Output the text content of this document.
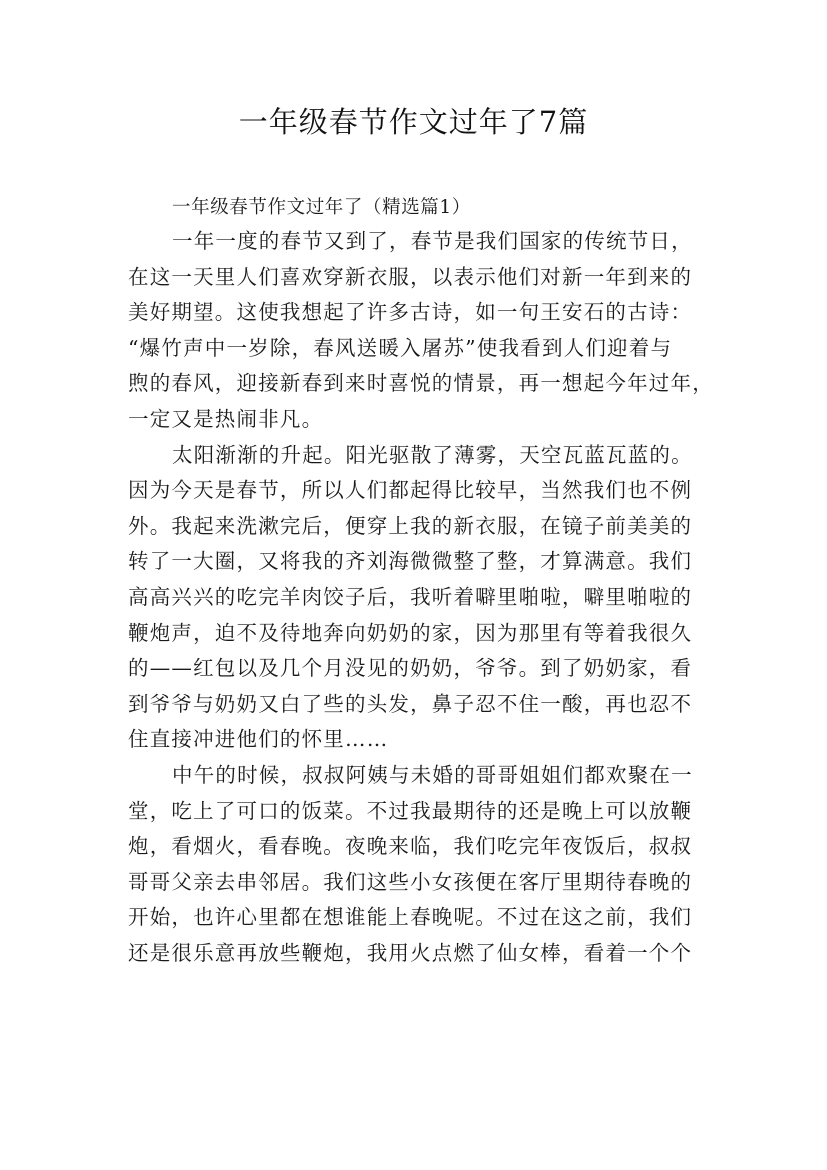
一年级春节作文过年了7篇

一年级春节作文过年了（精选篇1）

一年一度的春节又到了，春节是我们国家的传统节日，
在这一天里人们喜欢穿新衣服，以表示他们对新一年到来的
美好期望。这使我想起了许多古诗，如一句王安石的古诗：
“爆竹声中一岁除，春风送暖入屠苏”使我看到人们迎着与
煦的春风，迎接新春到来时喜悦的情景，再一想起今年过年，
一定又是热闹非凡。

太阳渐渐的升起。阳光驱散了薄雾，天空瓦蓝瓦蓝的。
因为今天是春节，所以人们都起得比较早，当然我们也不例
外。我起来洗漱完后，便穿上我的新衣服，在镜子前美美的
转了一大圈，又将我的齐刘海微微整了整，才算满意。我们
高高兴兴的吃完羊肉饺子后，我听着噼里啪啦，噼里啪啦的
鞭炮声，迫不及待地奔向奶奶的家，因为那里有等着我很久
的——红包以及几个月没见的奶奶，爷爷。到了奶奶家，看
到爷爷与奶奶又白了些的头发，鼻子忍不住一酸，再也忍不
住直接冲进他们的怀里……

中午的时候，叔叔阿姨与未婚的哥哥姐姐们都欢聚在一
堂，吃上了可口的饭菜。不过我最期待的还是晚上可以放鞭
炮，看烟火，看春晚。夜晚来临，我们吃完年夜饭后，叔叔
哥哥父亲去串邻居。我们这些小女孩便在客厅里期待春晚的
开始，也许心里都在想谁能上春晚呢。不过在这之前，我们
还是很乐意再放些鞭炮，我用火点燃了仙女棒，看着一个个
